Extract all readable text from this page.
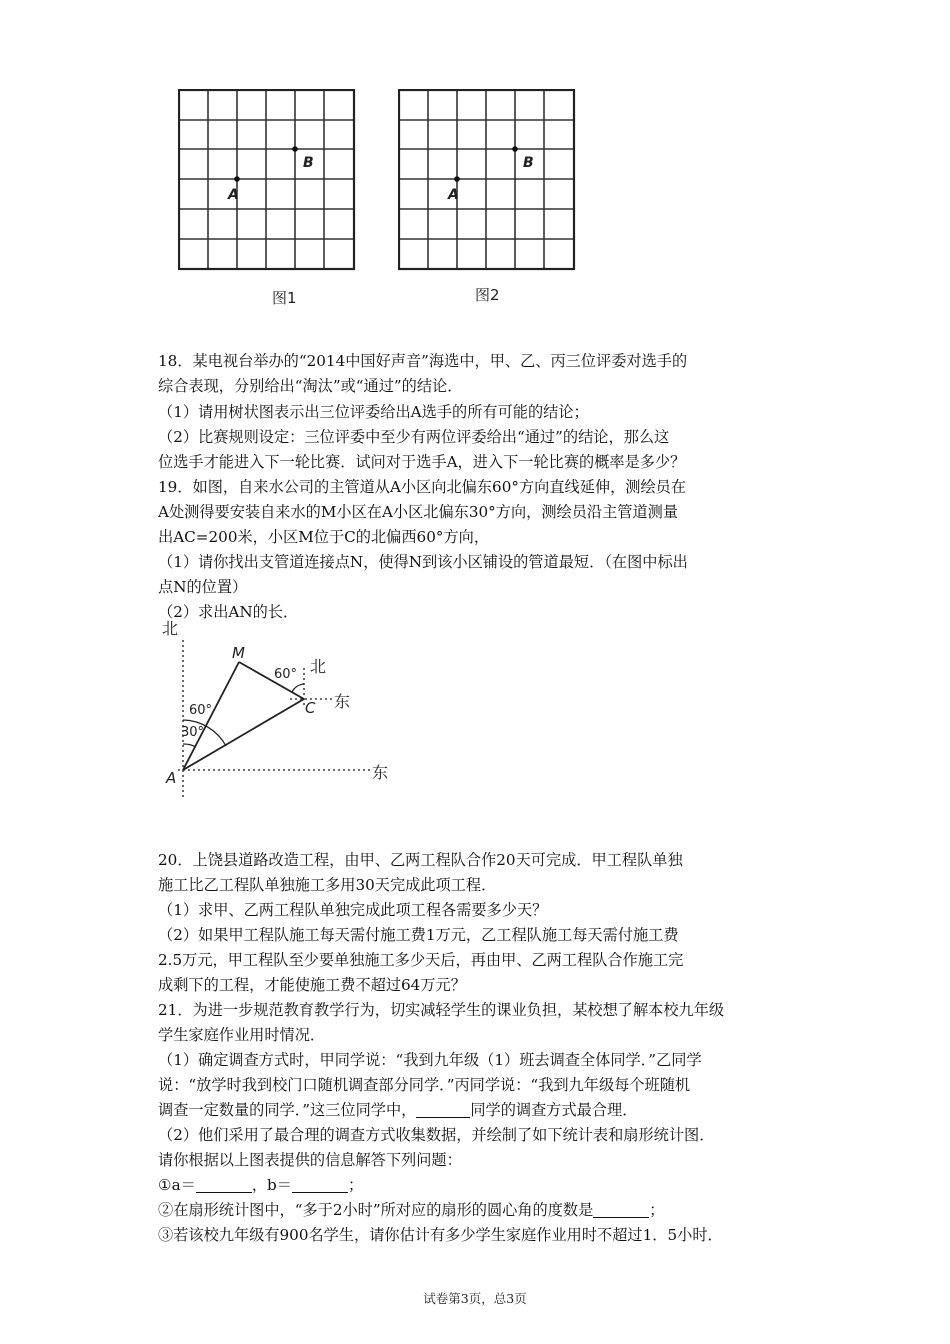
A
B
图1
A
B
图2
18．某电视台举办的“2014中国好声音”海选中，甲、乙、丙三位评委对选手的
综合表现，分别给出“淘汰”或“通过”的结论．
（1）请用树状图表示出三位评委给出A选手的所有可能的结论；
（2）比赛规则设定：三位评委中至少有两位评委给出“通过”的结论，那么这
位选手才能进入下一轮比赛．试问对于选手A，进入下一轮比赛的概率是多少？
19．如图，自来水公司的主管道从A小区向北偏东60°方向直线延伸，测绘员在
A处测得要安装自来水的M小区在A小区北偏东30°方向，测绘员沿主管道测量
出AC=200米，小区M位于C的北偏西60°方向，
（1）请你找出支管道连接点N，使得N到该小区铺设的管道最短．（在图中标出
点N的位置）
（2）求出AN的长．
北
北
东
东
M
A
C
60°
60°
30°
20．上饶县道路改造工程，由甲、乙两工程队合作20天可完成．甲工程队单独
施工比乙工程队单独施工多用30天完成此项工程．
（1）求甲、乙两工程队单独完成此项工程各需要多少天？
（2）如果甲工程队施工每天需付施工费1万元，乙工程队施工每天需付施工费
2.5万元，甲工程队至少要单独施工多少天后，再由甲、乙两工程队合作施工完
成剩下的工程，才能使施工费不超过64万元？
21．为进一步规范教育教学行为，切实减轻学生的课业负担，某校想了解本校九年级
学生家庭作业用时情况．
（1）确定调查方式时，甲同学说：“我到九年级（1）班去调查全体同学．”乙同学
说：“放学时我到校门口随机调查部分同学．”丙同学说：“我到九年级每个班随机
调查一定数量的同学．”这三位同学中，	同学的调查方式最合理．
（2）他们采用了最合理的调查方式收集数据，并绘制了如下统计表和扇形统计图．
请你根据以上图表提供的信息解答下列问题：
①a＝	，b＝	；
②在扇形统计图中，“多于2小时”所对应的扇形的圆心角的度数是	；
③若该校九年级有900名学生，请你估计有多少学生家庭作业用时不超过1．5小时．
试卷第3页，总3页
